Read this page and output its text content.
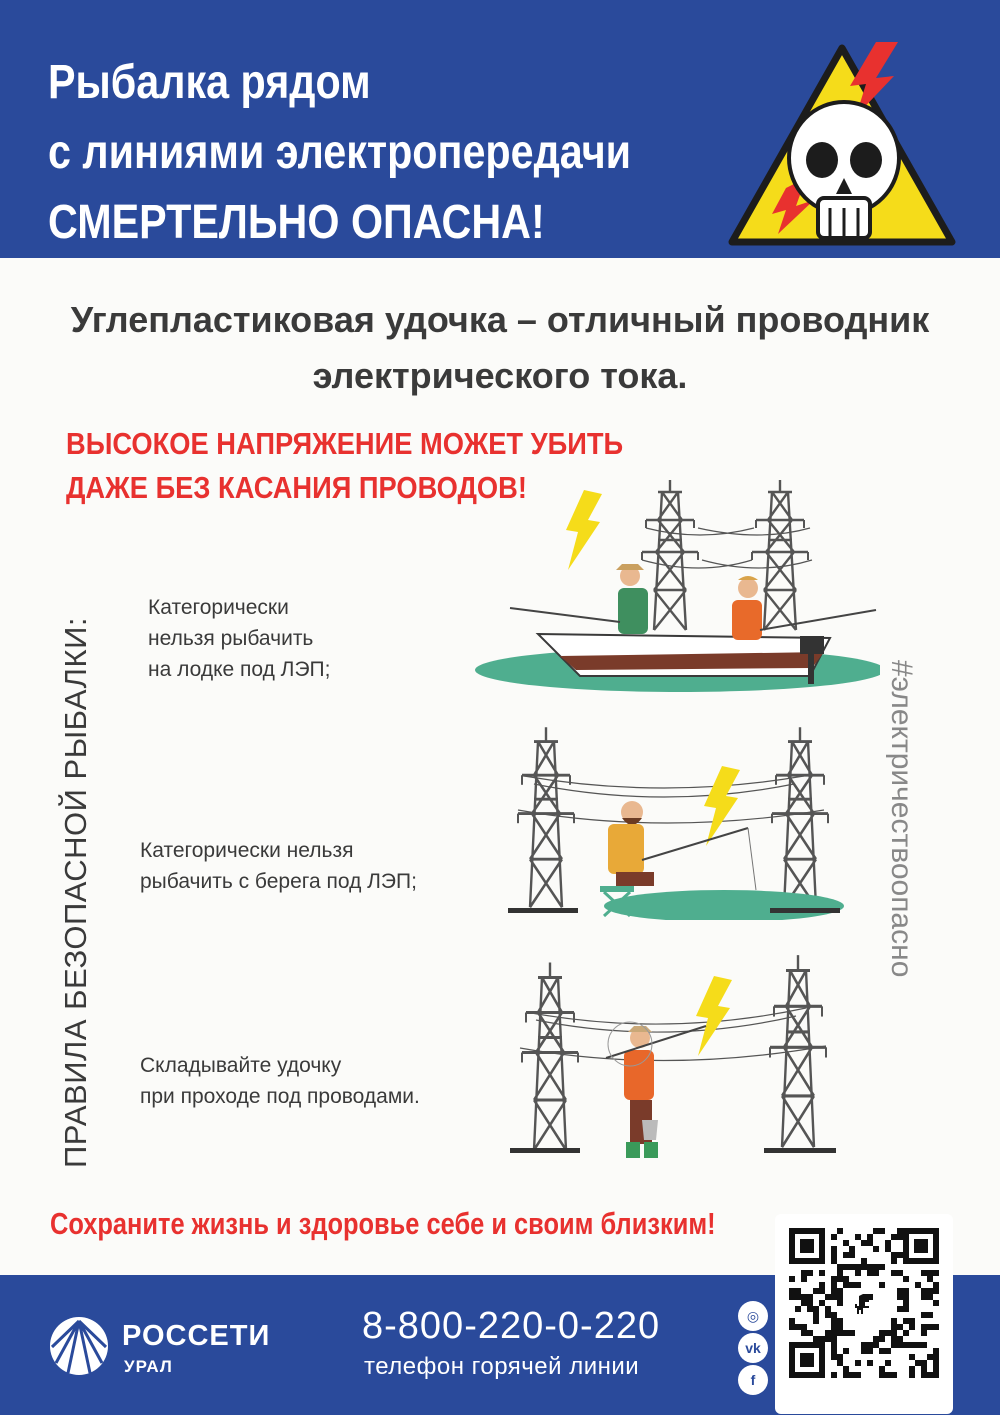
Рыбалка рядом
с линиями электропередачи
СМЕРТЕЛЬНО ОПАСНА!
Углепластиковая удочка – отличный проводник
электрического тока.

ВЫСОКОЕ НАПРЯЖЕНИЕ МОЖЕТ УБИТЬ
ДАЖЕ БЕЗ КАСАНИЯ ПРОВОДОВ!

ПРАВИЛА БЕЗОПАСНОЙ РЫБАЛКИ:	#электричествоопасно
Категорически
нельзя рыбачить
на лодке под ЛЭП;
Категорически нельзя
рыбачить с берега под ЛЭП;
Складывайте удочку
при проходе под проводами.

Сохраните жизнь и здоровье себе и своим близким!

РОССЕТИ
УРАЛ
8-800-220-0-220
телефон горячей линии
◎
vk
f
